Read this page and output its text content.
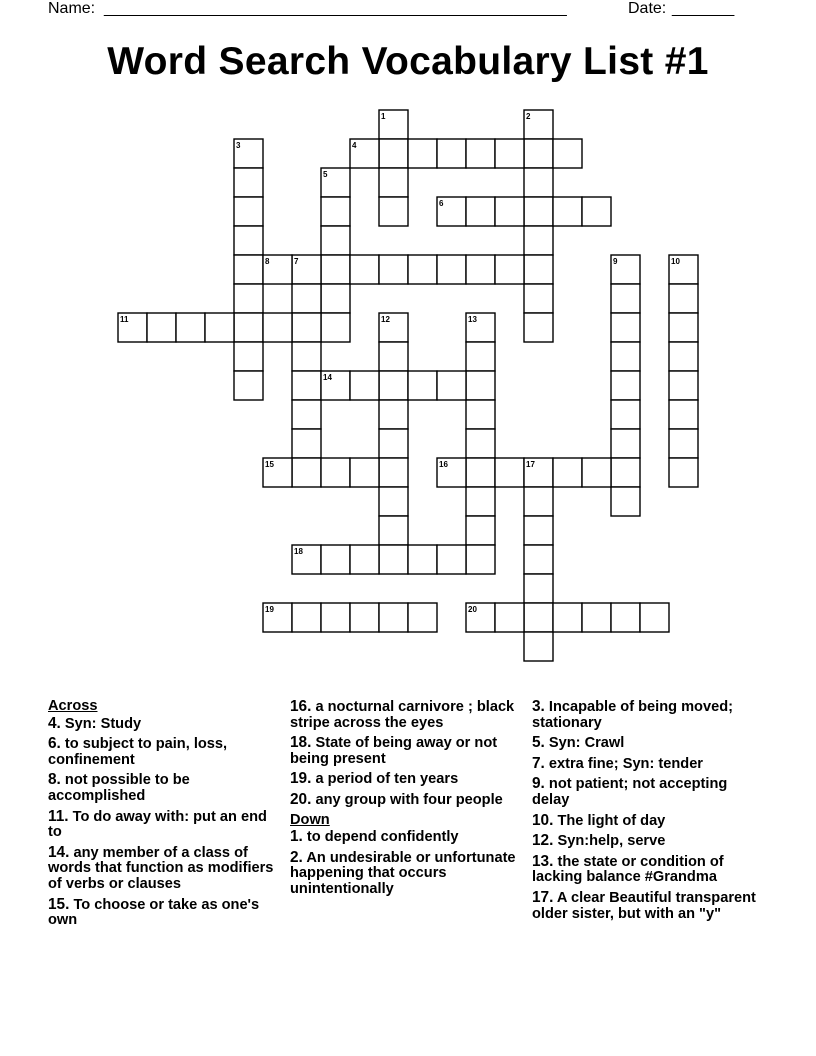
Name: ____________________________________________________	Date: _______
Word Search Vocabulary List #1
1	2
3	4
5
6
7
8	9	10
11	12	13
14
15	16	17
18
19	20
Across
4. Syn: Study
6. to subject to pain, loss, confinement
8. not possible to be accomplished
11. To do away with: put an end to
14. any member of a class of words that function as modifiers of verbs or clauses
15. To choose or take as one's own
16. a nocturnal carnivore ; black stripe across the eyes
18. State of being away or not being present
19. a period of ten years
20. any group with four people
Down
1. to depend confidently
2. An undesirable or unfortunate happening that occurs unintentionally
3. Incapable of being moved; stationary
5. Syn: Crawl
7. extra fine; Syn: tender
9. not patient; not accepting delay
10. The light of day
12. Syn:help, serve
13. the state or condition of lacking balance #Grandma
17. A clear Beautiful transparent older sister, but with an "y"
